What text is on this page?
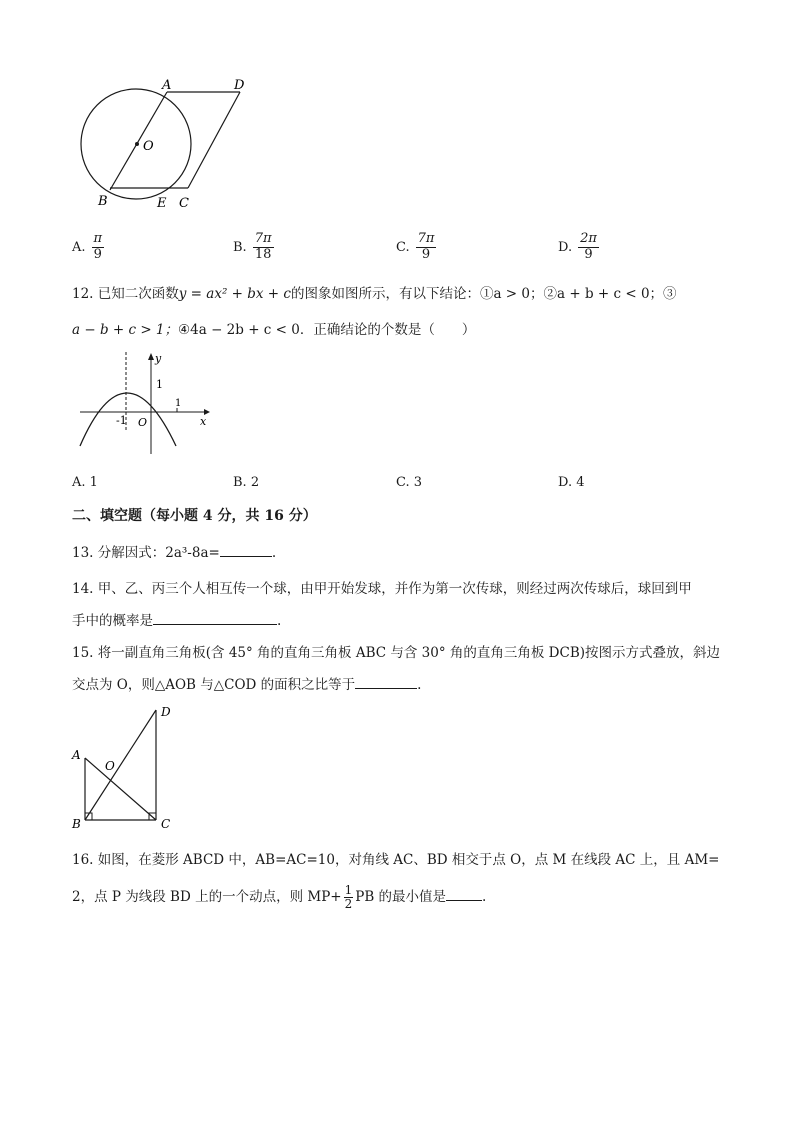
A	D
O
B	E C
A. $\frac{\pi}{9}$	B. $\frac{7\pi}{18}$	C. $\frac{7\pi}{9}$	D. $\frac{2\pi}{9}$
12. 已知二次函数y = ax² + bx + c的图象如图所示，有以下结论：①a > 0；②a + b + c < 0；③
a − b + c > 1；④4a − 2b + c < 0．正确结论的个数是（　　）
y
x
1
1
-1 O
A. 1	B. 2	C. 3	D. 4
二、填空题（每小题 4 分，共 16 分）
13. 分解因式：2a³-8a=	.
14. 甲、乙、丙三个人相互传一个球，由甲开始发球，并作为第一次传球，则经过两次传球后，球回到甲
手中的概率是	.
15. 将一副直角三角板(含 45° 角的直角三角板 ABC 与含 30° 角的直角三角板 DCB)按图示方式叠放，斜边
交点为 O，则△AOB 与△COD 的面积之比等于	.
D
A
O
B	C
16. 如图，在菱形 ABCD 中，AB=AC=10，对角线 AC、BD 相交于点 O，点 M 在线段 AC 上，且 AM=
2，点 P 为线段 BD 上的一个动点，则 $MP+ \frac{1}{2}$ PB 的最小值是	.
